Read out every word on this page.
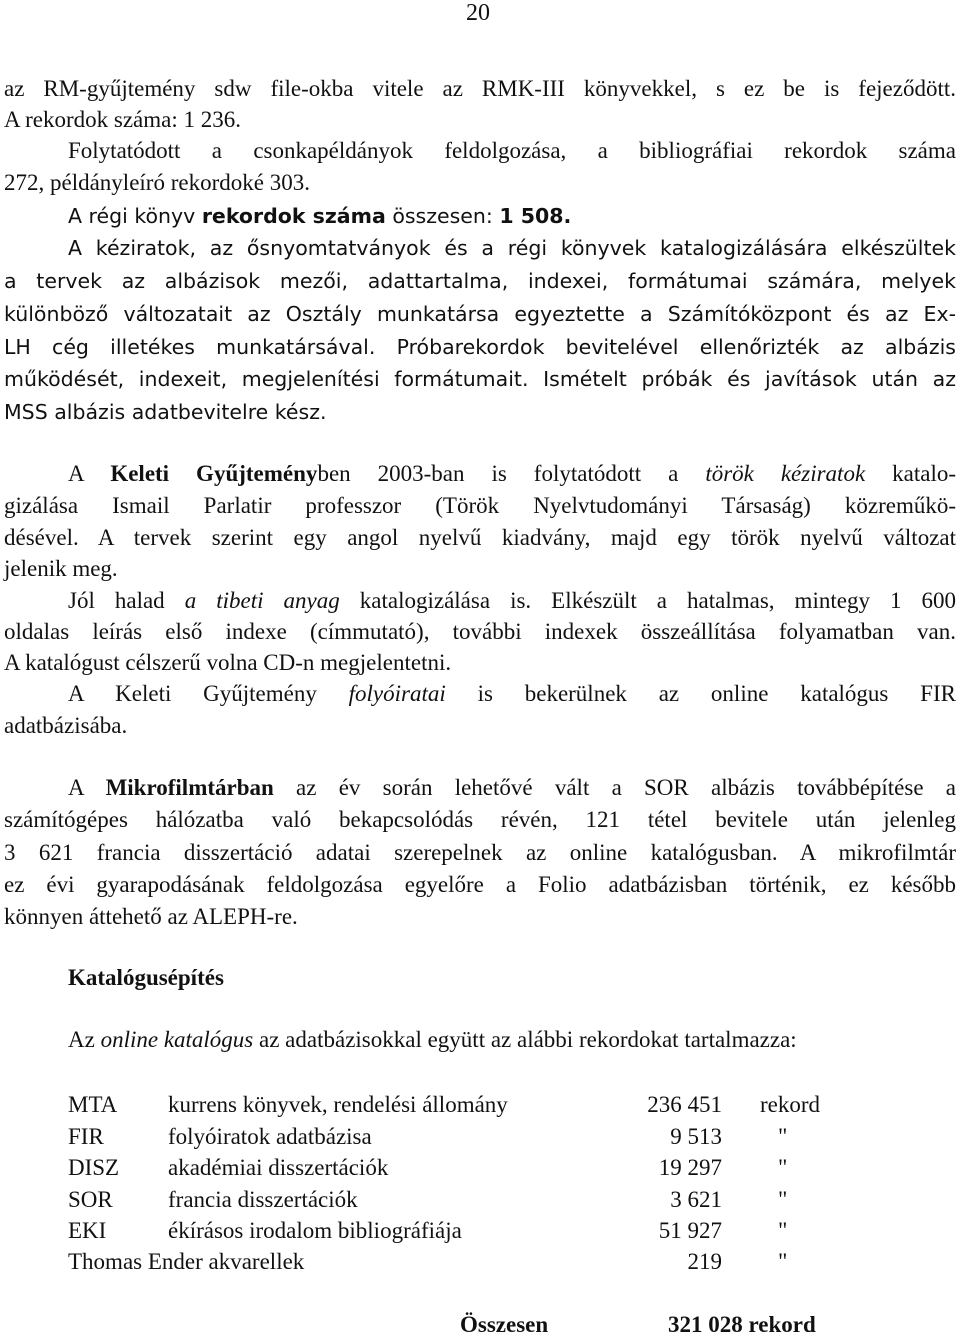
20
az RM-gyűjtemény sdw file-okba vitele az RMK-III könyvekkel, s ez be is fejeződött.
A rekordok száma: 1 236.
Folytatódott a csonkapéldányok feldolgozása, a bibliográfiai rekordok száma
272, példányleíró rekordoké 303.
A régi könyv rekordok száma összesen: 1 508.
A kéziratok, az ősnyomtatványok és a régi könyvek katalogizálására elkészültek
a tervek az albázisok mezői, adattartalma, indexei, formátumai számára, melyek
különböző változatait az Osztály munkatársa egyeztette a Számítóközpont és az Ex-
LH cég illetékes munkatársával. Próbarekordok bevitelével ellenőrizték az albázis
működését, indexeit, megjelenítési formátumait. Ismételt próbák és javítások után az
MSS albázis adatbevitelre kész.
A Keleti Gyűjteményben 2003-ban is folytatódott a török kéziratok katalo-
gizálása Ismail Parlatir professzor (Török Nyelvtudományi Társaság) közreműkö-
désével. A tervek szerint egy angol nyelvű kiadvány, majd egy török nyelvű változat
jelenik meg.
Jól halad a tibeti anyag katalogizálása is. Elkészült a hatalmas, mintegy 1 600
oldalas leírás első indexe (címmutató), további indexek összeállítása folyamatban van.
A katalógust célszerű volna CD-n megjelentetni.
A Keleti Gyűjtemény folyóiratai is bekerülnek az online katalógus FIR
adatbázisába.
A Mikrofilmtárban az év során lehetővé vált a SOR albázis továbbépítése a
számítógépes hálózatba való bekapcsolódás révén, 121 tétel bevitele után jelenleg
3 621 francia disszertáció adatai szerepelnek az online katalógusban. A mikrofilmtár
ez évi gyarapodásának feldolgozása egyelőre a Folio adatbázisban történik, ez később
könnyen áttehető az ALEPH-re.
Katalógusépítés
Az online katalógus az adatbázisokkal együtt az alábbi rekordokat tartalmazza:
MTA kurrens könyvek, rendelési állomány	236 451 rekord
FIR	folyóiratok adatbázisa	9 513 "
DISZ akadémiai disszertációk	19 297 "
SOR francia disszertációk	3 621 "
EKI	ékírásos irodalom bibliográfiája	51 927 "
Thomas Ender akvarellek	219 "
Összesen	321 028 rekord
